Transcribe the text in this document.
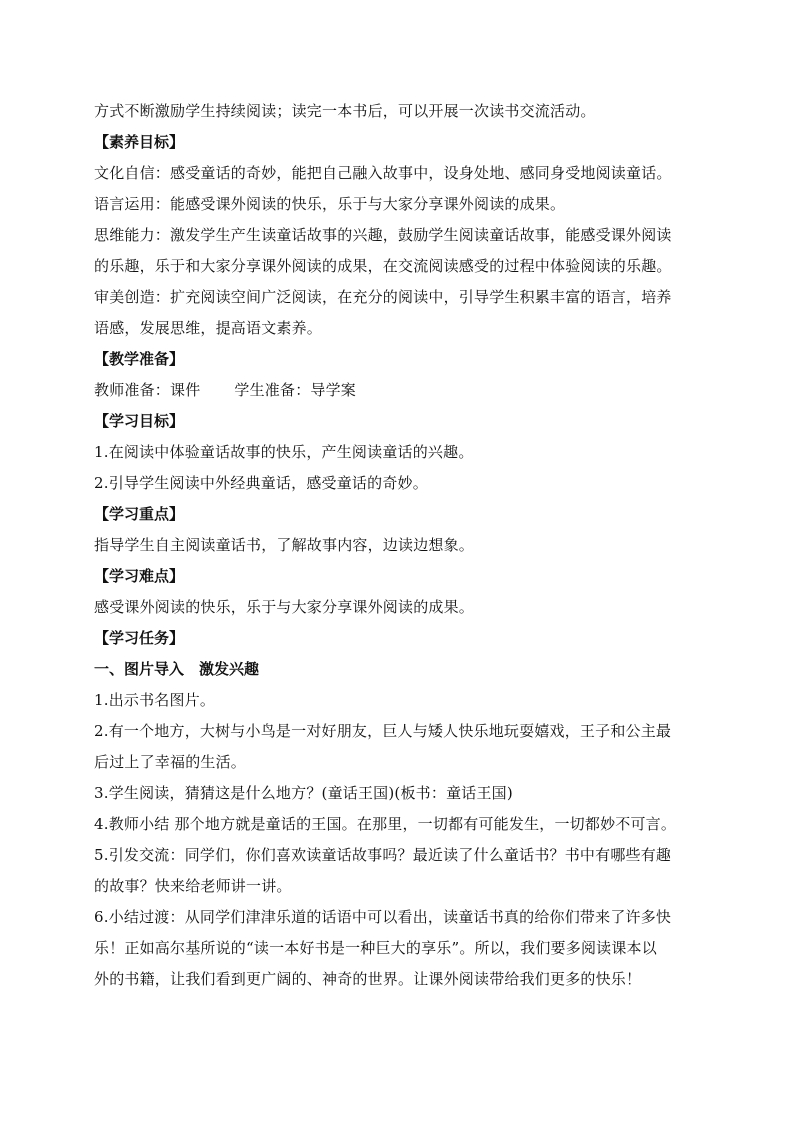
方式不断激励学生持续阅读；读完一本书后，可以开展一次读书交流活动。
【素养目标】
文化自信：感受童话的奇妙，能把自己融入故事中，设身处地、感同身受地阅读童话。
语言运用：能感受课外阅读的快乐，乐于与大家分享课外阅读的成果。
思维能力：激发学生产生读童话故事的兴趣，鼓励学生阅读童话故事，能感受课外阅读
的乐趣，乐于和大家分享课外阅读的成果，在交流阅读感受的过程中体验阅读的乐趣。
审美创造：扩充阅读空间广泛阅读，在充分的阅读中，引导学生积累丰富的语言，培养
语感，发展思维，提高语文素养。
【教学准备】
教师准备：课件 学生准备：导学案
【学习目标】
1.在阅读中体验童话故事的快乐，产生阅读童话的兴趣。
2.引导学生阅读中外经典童话，感受童话的奇妙。
【学习重点】
指导学生自主阅读童话书，了解故事内容，边读边想象。
【学习难点】
感受课外阅读的快乐，乐于与大家分享课外阅读的成果。
【学习任务】
一、图片导入　激发兴趣
1.出示书名图片。
2.有一个地方，大树与小鸟是一对好朋友，巨人与矮人快乐地玩耍嬉戏，王子和公主最
后过上了幸福的生活。
3.学生阅读，猜猜这是什么地方？(童话王国)(板书：童话王国)
4.教师小结 那个地方就是童话的王国。在那里，一切都有可能发生，一切都妙不可言。
5.引发交流：同学们，你们喜欢读童话故事吗？最近读了什么童话书？书中有哪些有趣
的故事？快来给老师讲一讲。
6.小结过渡：从同学们津津乐道的话语中可以看出，读童话书真的给你们带来了许多快
乐！正如高尔基所说的“读一本好书是一种巨大的享乐”。所以，我们要多阅读课本以
外的书籍，让我们看到更广阔的、神奇的世界。让课外阅读带给我们更多的快乐！
